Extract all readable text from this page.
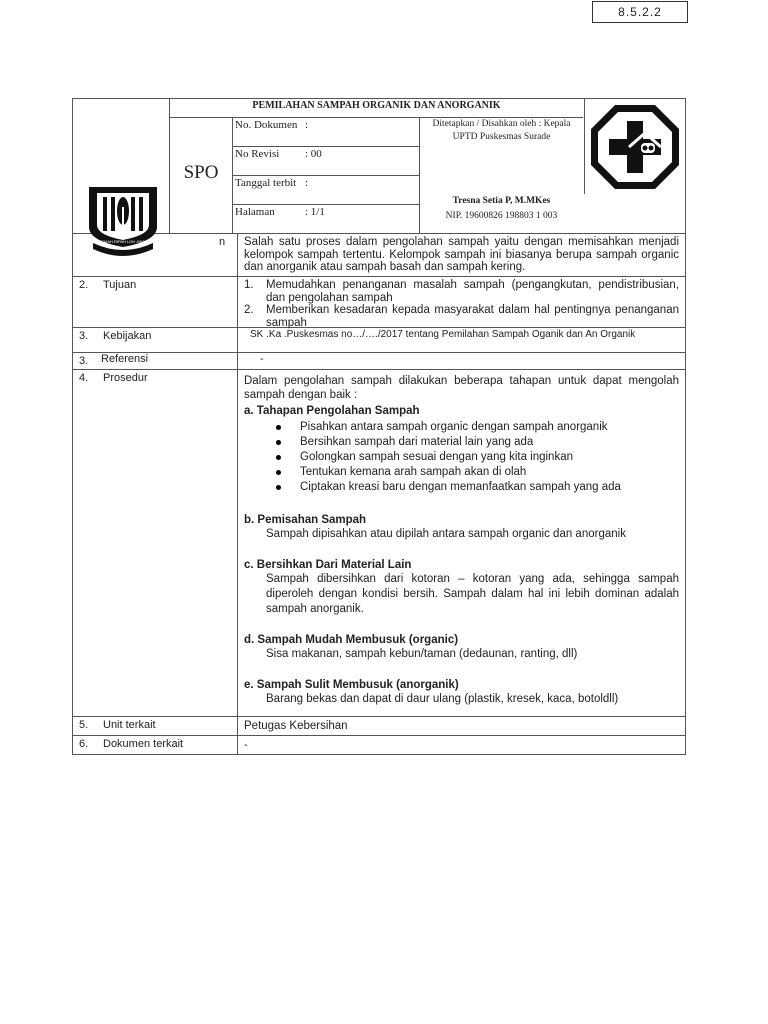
8.5.2.2
GEMAH RIPAH LOH JINAWI
PEMILAHAN SAMPAH ORGANIK DAN ANORGANIK
SPO
No. Dokumen :
No Revisi	: 00
Tanggal terbit :
Halaman	: 1/1
Ditetapkan / Disahkan oleh : Kepala UPTD Puskesmas Surade
Tresna Setia P, M.MKes
NIP. 19600826 198803 1 003
n	Salah satu proses dalam pengolahan sampah yaitu dengan memisahkan menjadi kelompok sampah tertentu. Kelompok sampah ini biasanya berupa sampah organic dan anorganik atau sampah basah dan sampah kering.
2. Tujuan	1. Memudahkan penanganan masalah sampah (pengangkutan, pendistribusian, dan pengolahan sampah
2. Memberikan kesadaran kepada masyarakat dalam hal pentingnya penanganan sampah
3. Kebijakan	SK .Ka .Puskesmas no…/…./2017 tentang Pemilahan Sampah Oganik dan An Organik
3. Referensi	-
4. Prosedur	Dalam pengolahan sampah dilakukan beberapa tahapan untuk dapat mengolah sampah dengan baik :
a. Tahapan Pengolahan Sampah
Pisahkan antara sampah organic dengan sampah anorganik
Bersihkan sampah dari material lain yang ada
Golongkan sampah sesuai dengan yang kita inginkan
Tentukan kemana arah sampah akan di olah
Ciptakan kreasi baru dengan memanfaatkan sampah yang ada
b. Pemisahan Sampah
Sampah dipisahkan atau dipilah antara sampah organic dan anorganik
c. Bersihkan Dari Material Lain
Sampah dibersihkan dari kotoran – kotoran yang ada, sehingga sampah diperoleh dengan kondisi bersih. Sampah dalam hal ini lebih dominan adalah sampah anorganik.
d. Sampah Mudah Membusuk (organic)
Sisa makanan, sampah kebun/taman (dedaunan, ranting, dll)
e. Sampah Sulit Membusuk (anorganik)
Barang bekas dan dapat di daur ulang (plastik, kresek, kaca, botoldll)
5. Unit terkait	Petugas Kebersihan
6. Dokumen terkait	-
